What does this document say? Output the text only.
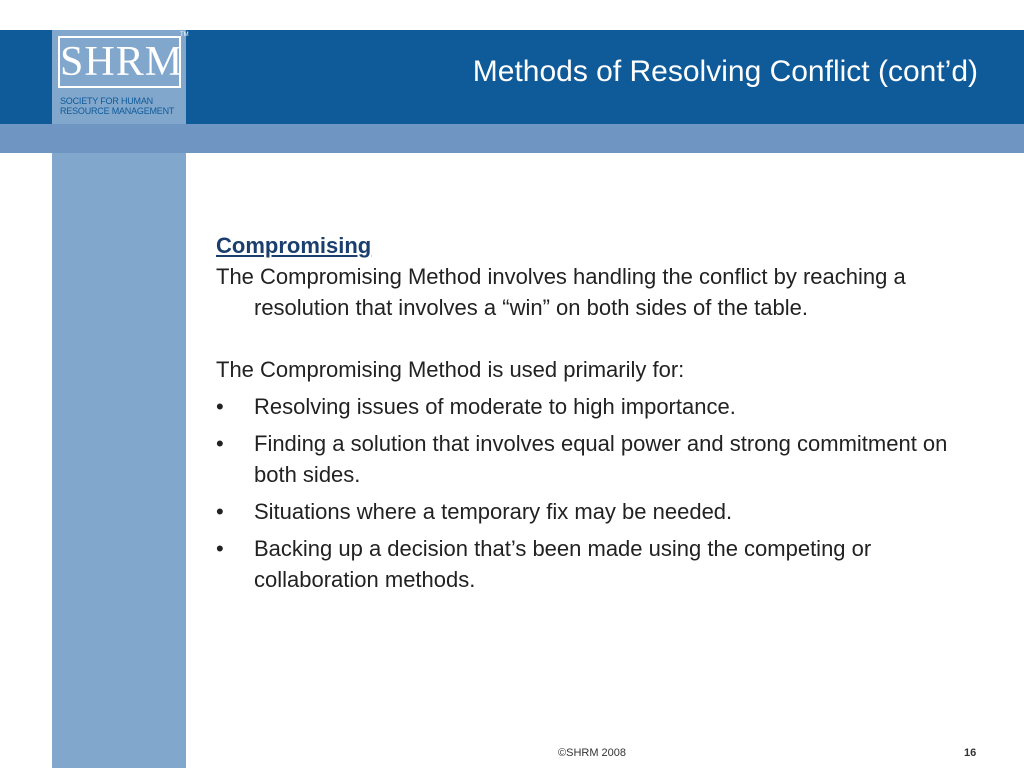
SHRM
TM
SOCIETY FOR HUMAN
RESOURCE MANAGEMENT
Methods of Resolving Conflict (cont’d)
Compromising

The Compromising Method involves handling the conflict by reaching a resolution that involves a “win” on both sides of the table.

The Compromising Method is used primarily for:

• Resolving issues of moderate to high importance.
• Finding a solution that involves equal power and strong commitment on both sides.
• Situations where a temporary fix may be needed.
• Backing up a decision that’s been made using the competing or collaboration methods.
©SHRM 2008	16
